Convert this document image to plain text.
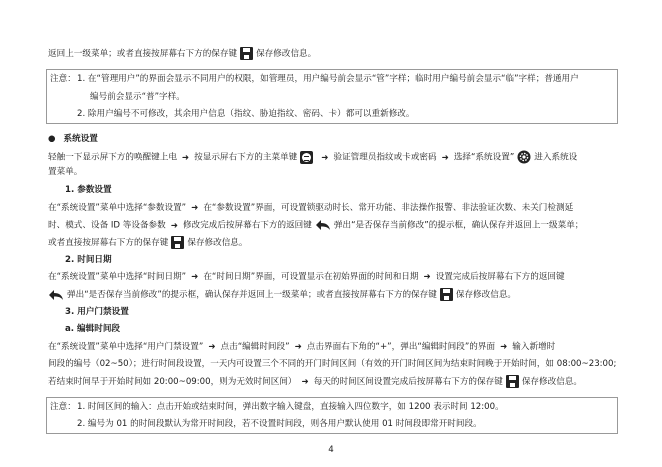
返回上一级菜单；或者直接按屏幕右下方的保存键 保存修改信息。
注意： 1. 在“管理用户”的界面会显示不同用户的权限，如管理员，用户编号前会显示“管”字样；临时用户编号前会显示“临”字样；普通用户
编号前会显示“普”字样。
2. 除用户编号不可修改，其余用户信息（指纹、胁迫指纹、密码、卡）都可以重新修改。
● 系统设置
轻触一下显示屏下方的唤醒键上电 ➜ 按显示屏右下方的主菜单键	➜ 验证管理员指纹或卡或密码 ➜ 选择“系统设置” 进入系统设
置菜单。
1. 参数设置
在“系统设置”菜单中选择“参数设置” ➜ 在“参数设置”界面，可设置锁驱动时长、常开功能、非法操作报警、非法验证次数、未关门检测延
时、模式、设备 ID 等设备参数 ➜ 修改完成后按屏幕右下方的返回键	弹出“是否保存当前修改”的提示框，确认保存并返回上一级菜单；
或者直接按屏幕右下方的保存键 保存修改信息。
2. 时间日期
在“系统设置”菜单中选择“时间日期” ➜ 在“时间日期”界面，可设置显示在初始界面的时间和日期 ➜ 设置完成后按屏幕右下方的返回键
弹出“是否保存当前修改”的提示框，确认保存并返回上一级菜单；或者直接按屏幕右下方的保存键 保存修改信息。
3. 用户门禁设置
a. 编辑时间段
在“系统设置”菜单中选择“用户门禁设置” ➜ 点击“编辑时间段” ➜ 点击界面右下角的“+”，弹出“编辑时间段”的界面 ➜ 输入新增时
间段的编号（02~50）；进行时间段设置，一天内可设置三个不同的开门时间区间（有效的开门时间区间为结束时间晚于开始时间，如 08:00~23:00;
若结束时间早于开始时间如 20:00~09:00，则为无效时间区间） ➜ 每天的时间区间设置完成后按屏幕右下方的保存键 保存修改信息。
注意： 1. 时间区间的输入：点击开始或结束时间，弹出数字输入键盘，直接输入四位数字，如 1200 表示时间 12:00。
2. 编号为 01 的时间段默认为常开时间段，若不设置时间段，则各用户默认使用 01 时间段即常开时间段。
4
